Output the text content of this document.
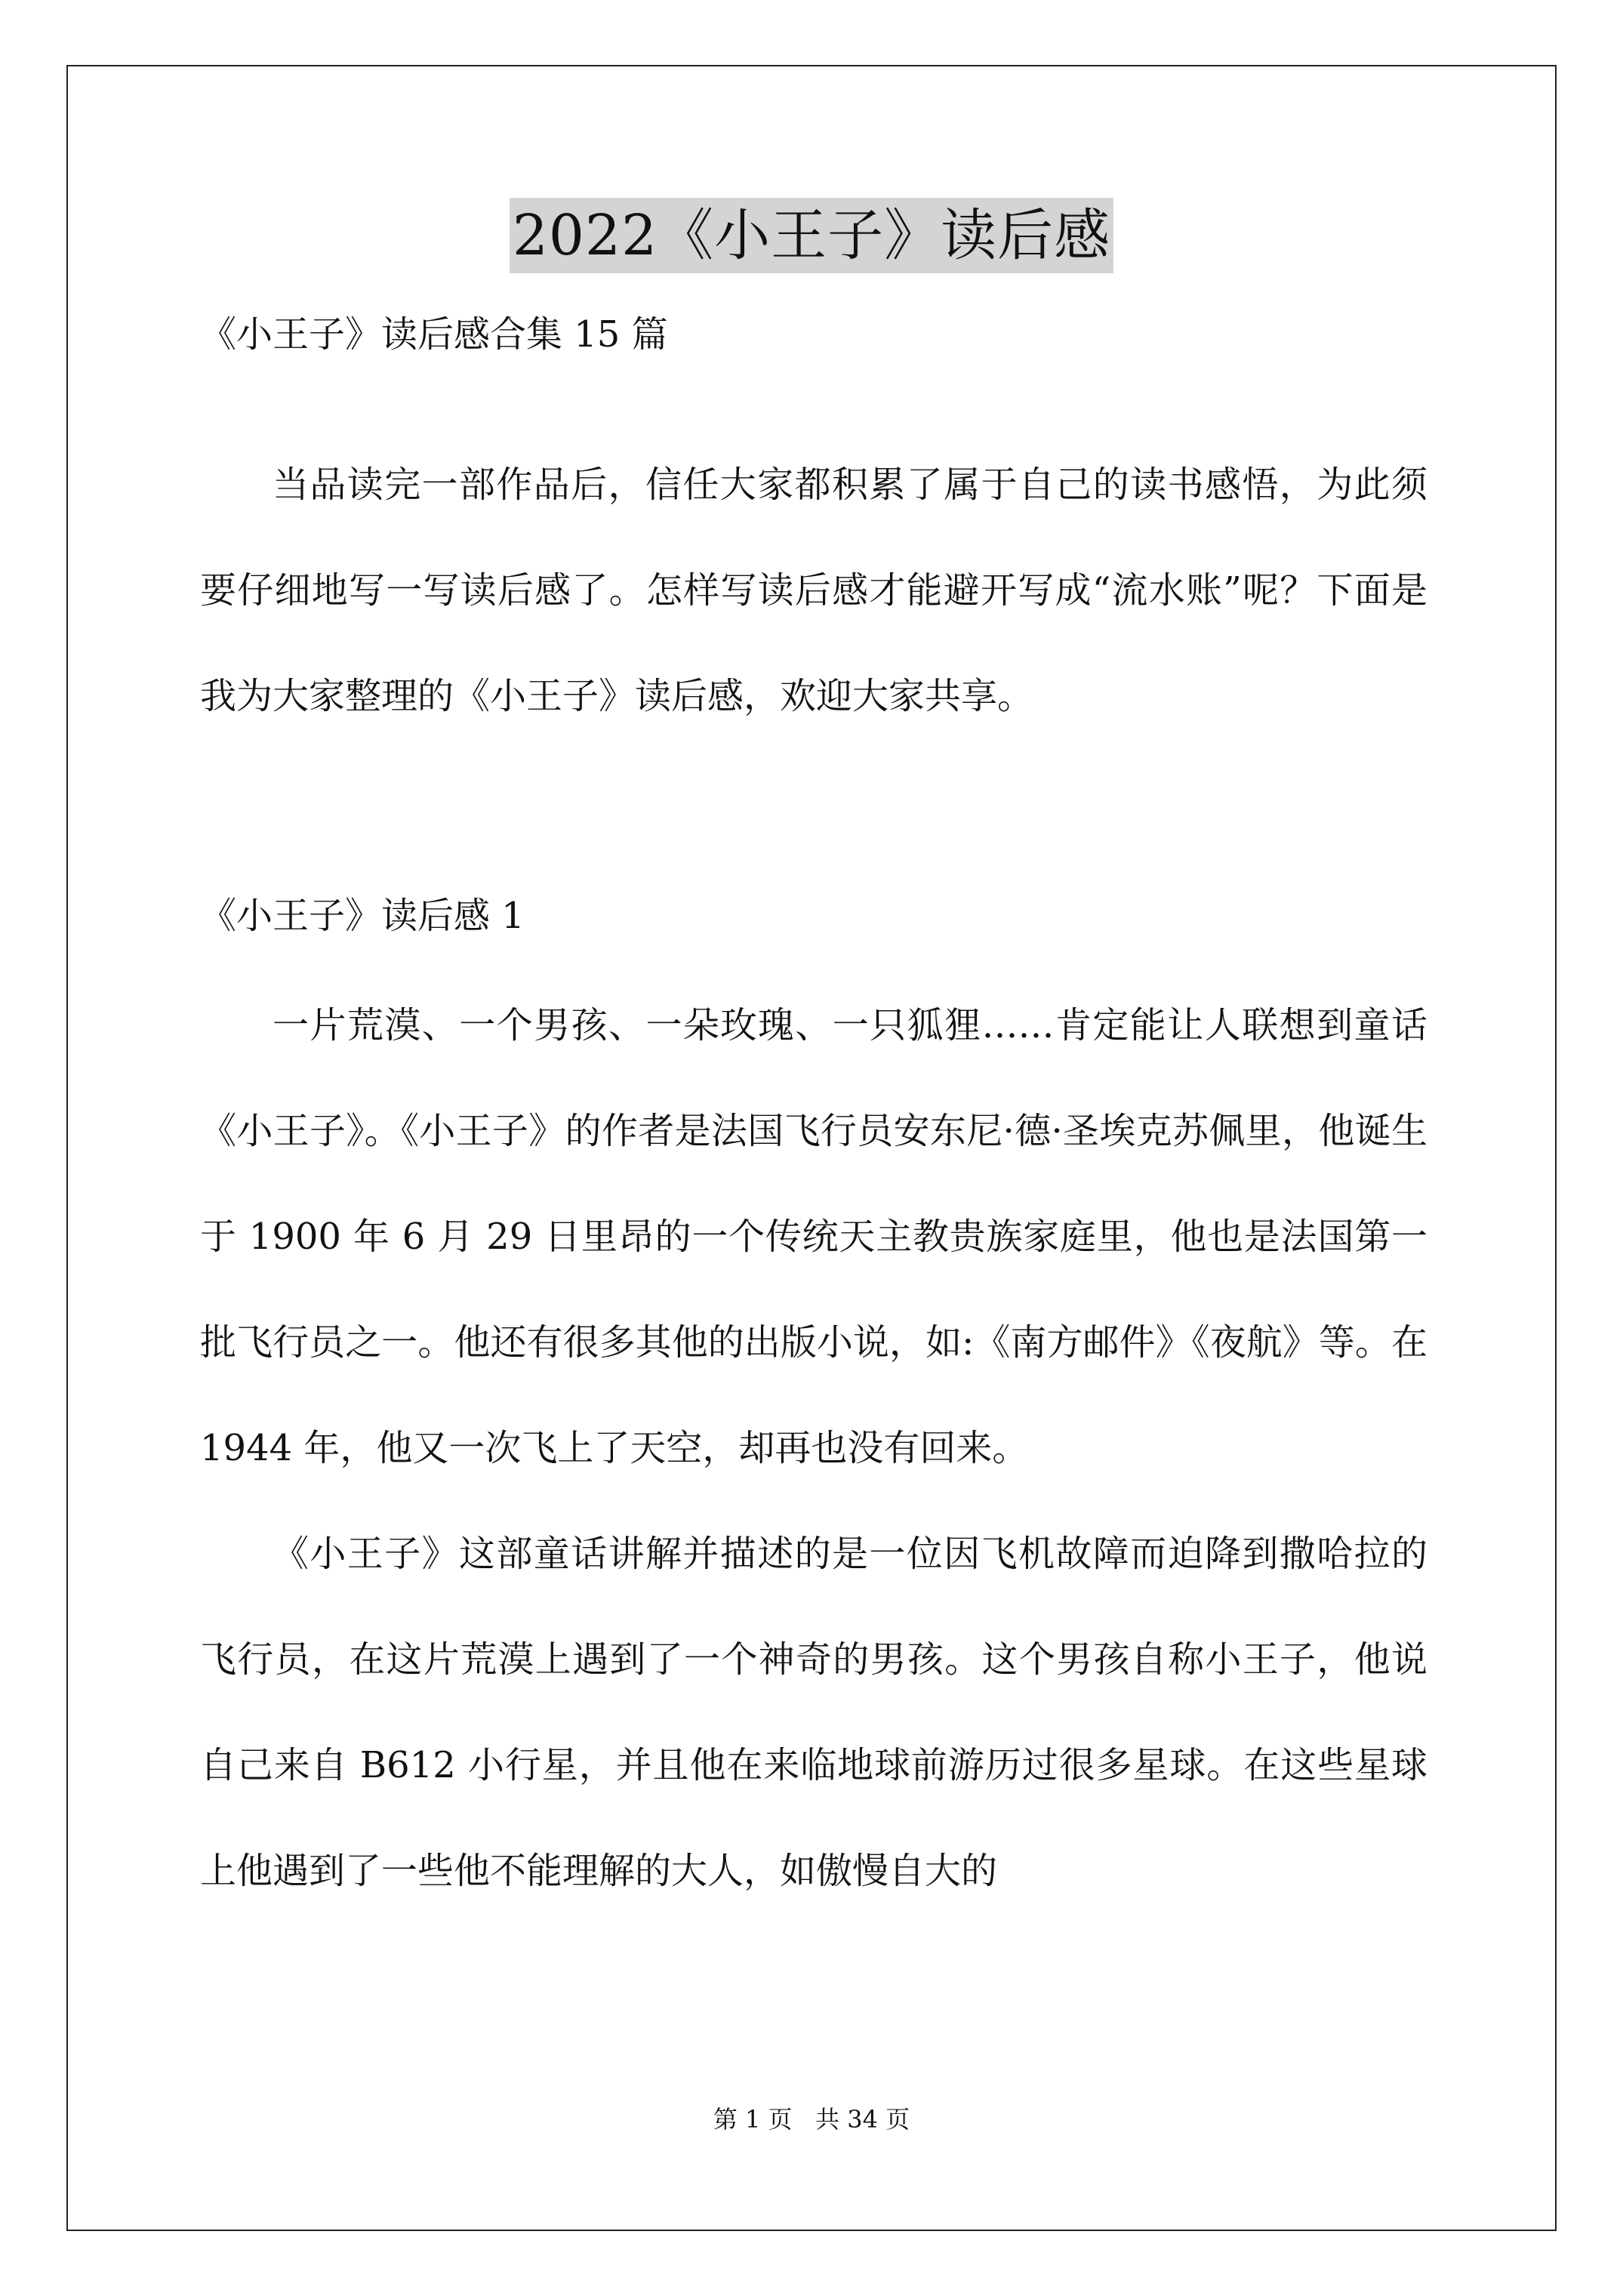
2022《小王子》读后感
《小王子》读后感合集 15 篇

当品读完一部作品后，信任大家都积累了属于自己的读书感悟，为此须要仔细地写一写读后感了。怎样写读后感才能避开写成“流水账”呢？下面是我为大家整理的《小王子》读后感，欢迎大家共享。

《小王子》读后感 1

一片荒漠、一个男孩、一朵玫瑰、一只狐狸……肯定能让人联想到童话《小王子》。《小王子》的作者是法国飞行员安东尼·德·圣埃克苏佩里，他诞生于 1900 年 6 月 29 日里昂的一个传统天主教贵族家庭里，他也是法国第一批飞行员之一。他还有很多其他的出版小说，如:《南方邮件》《夜航》等。在 1944 年，他又一次飞上了天空，却再也没有回来。

《小王子》这部童话讲解并描述的是一位因飞机故障而迫降到撒哈拉的飞行员，在这片荒漠上遇到了一个神奇的男孩。这个男孩自称小王子，他说自己来自 B612 小行星，并且他在来临地球前游历过很多星球。在这些星球上他遇到了一些他不能理解的大人，如傲慢自大的

第 1 页   共 34 页
